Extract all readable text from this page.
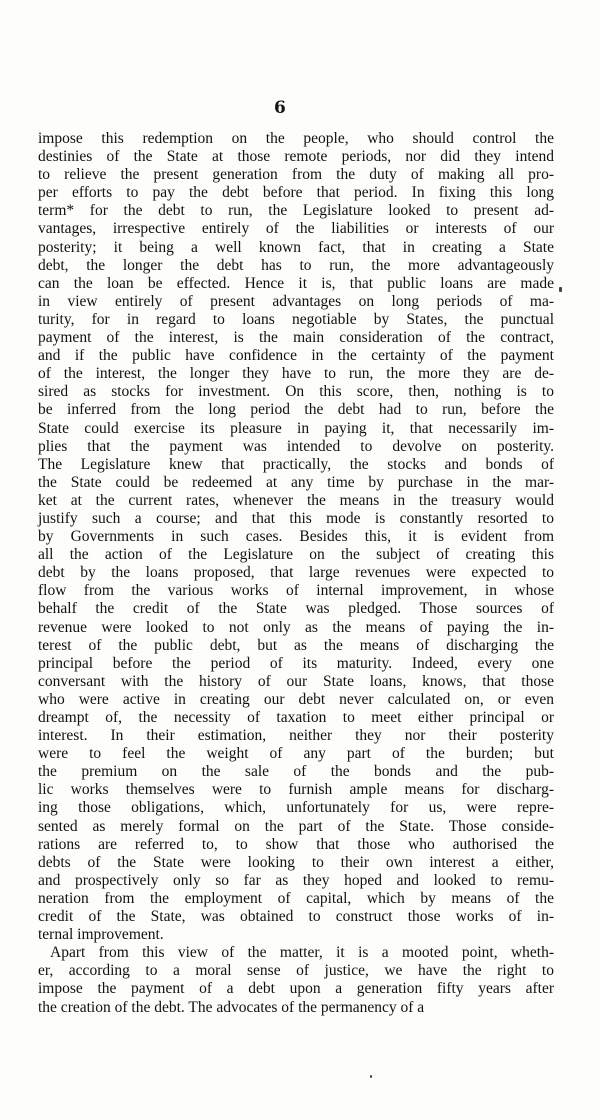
6
impose this redemption on the people, who should control the
destinies of the State at those remote periods, nor did they intend
to relieve the present generation from the duty of making all pro-
per efforts to pay the debt before that period. In fixing this long
term* for the debt to run, the Legislature looked to present ad-
vantages, irrespective entirely of the liabilities or interests of our
posterity; it being a well known fact, that in creating a State
debt, the longer the debt has to run, the more advantageously
can the loan be effected. Hence it is, that public loans are made
in view entirely of present advantages on long periods of ma-
turity, for in regard to loans negotiable by States, the punctual
payment of the interest, is the main consideration of the contract,
and if the public have confidence in the certainty of the payment
of the interest, the longer they have to run, the more they are de-
sired as stocks for investment. On this score, then, nothing is to
be inferred from the long period the debt had to run, before the
State could exercise its pleasure in paying it, that necessarily im-
plies that the payment was intended to devolve on posterity.
The Legislature knew that practically, the stocks and bonds of
the State could be redeemed at any time by purchase in the mar-
ket at the current rates, whenever the means in the treasury would
justify such a course; and that this mode is constantly resorted to
by Governments in such cases. Besides this, it is evident from
all the action of the Legislature on the subject of creating this
debt by the loans proposed, that large revenues were expected to
flow from the various works of internal improvement, in whose
behalf the credit of the State was pledged. Those sources of
revenue were looked to not only as the means of paying the in-
terest of the public debt, but as the means of discharging the
principal before the period of its maturity. Indeed, every one
conversant with the history of our State loans, knows, that those
who were active in creating our debt never calculated on, or even
dreampt of, the necessity of taxation to meet either principal or
interest. In their estimation, neither they nor their posterity
were to feel the weight of any part of the burden; but
the premium on the sale of the bonds and the pub-
lic works themselves were to furnish ample means for discharg-
ing those obligations, which, unfortunately for us, were repre-
sented as merely formal on the part of the State. Those conside-
rations are referred to, to show that those who authorised the
debts of the State were looking to their own interest a either,
and prospectively only so far as they hoped and looked to remu-
neration from the employment of capital, which by means of the
credit of the State, was obtained to construct those works of in-
ternal improvement.
Apart from this view of the matter, it is a mooted point, wheth-
er, according to a moral sense of justice, we have the right to
impose the payment of a debt upon a generation fifty years after
the creation of the debt. The advocates of the permanency of a
